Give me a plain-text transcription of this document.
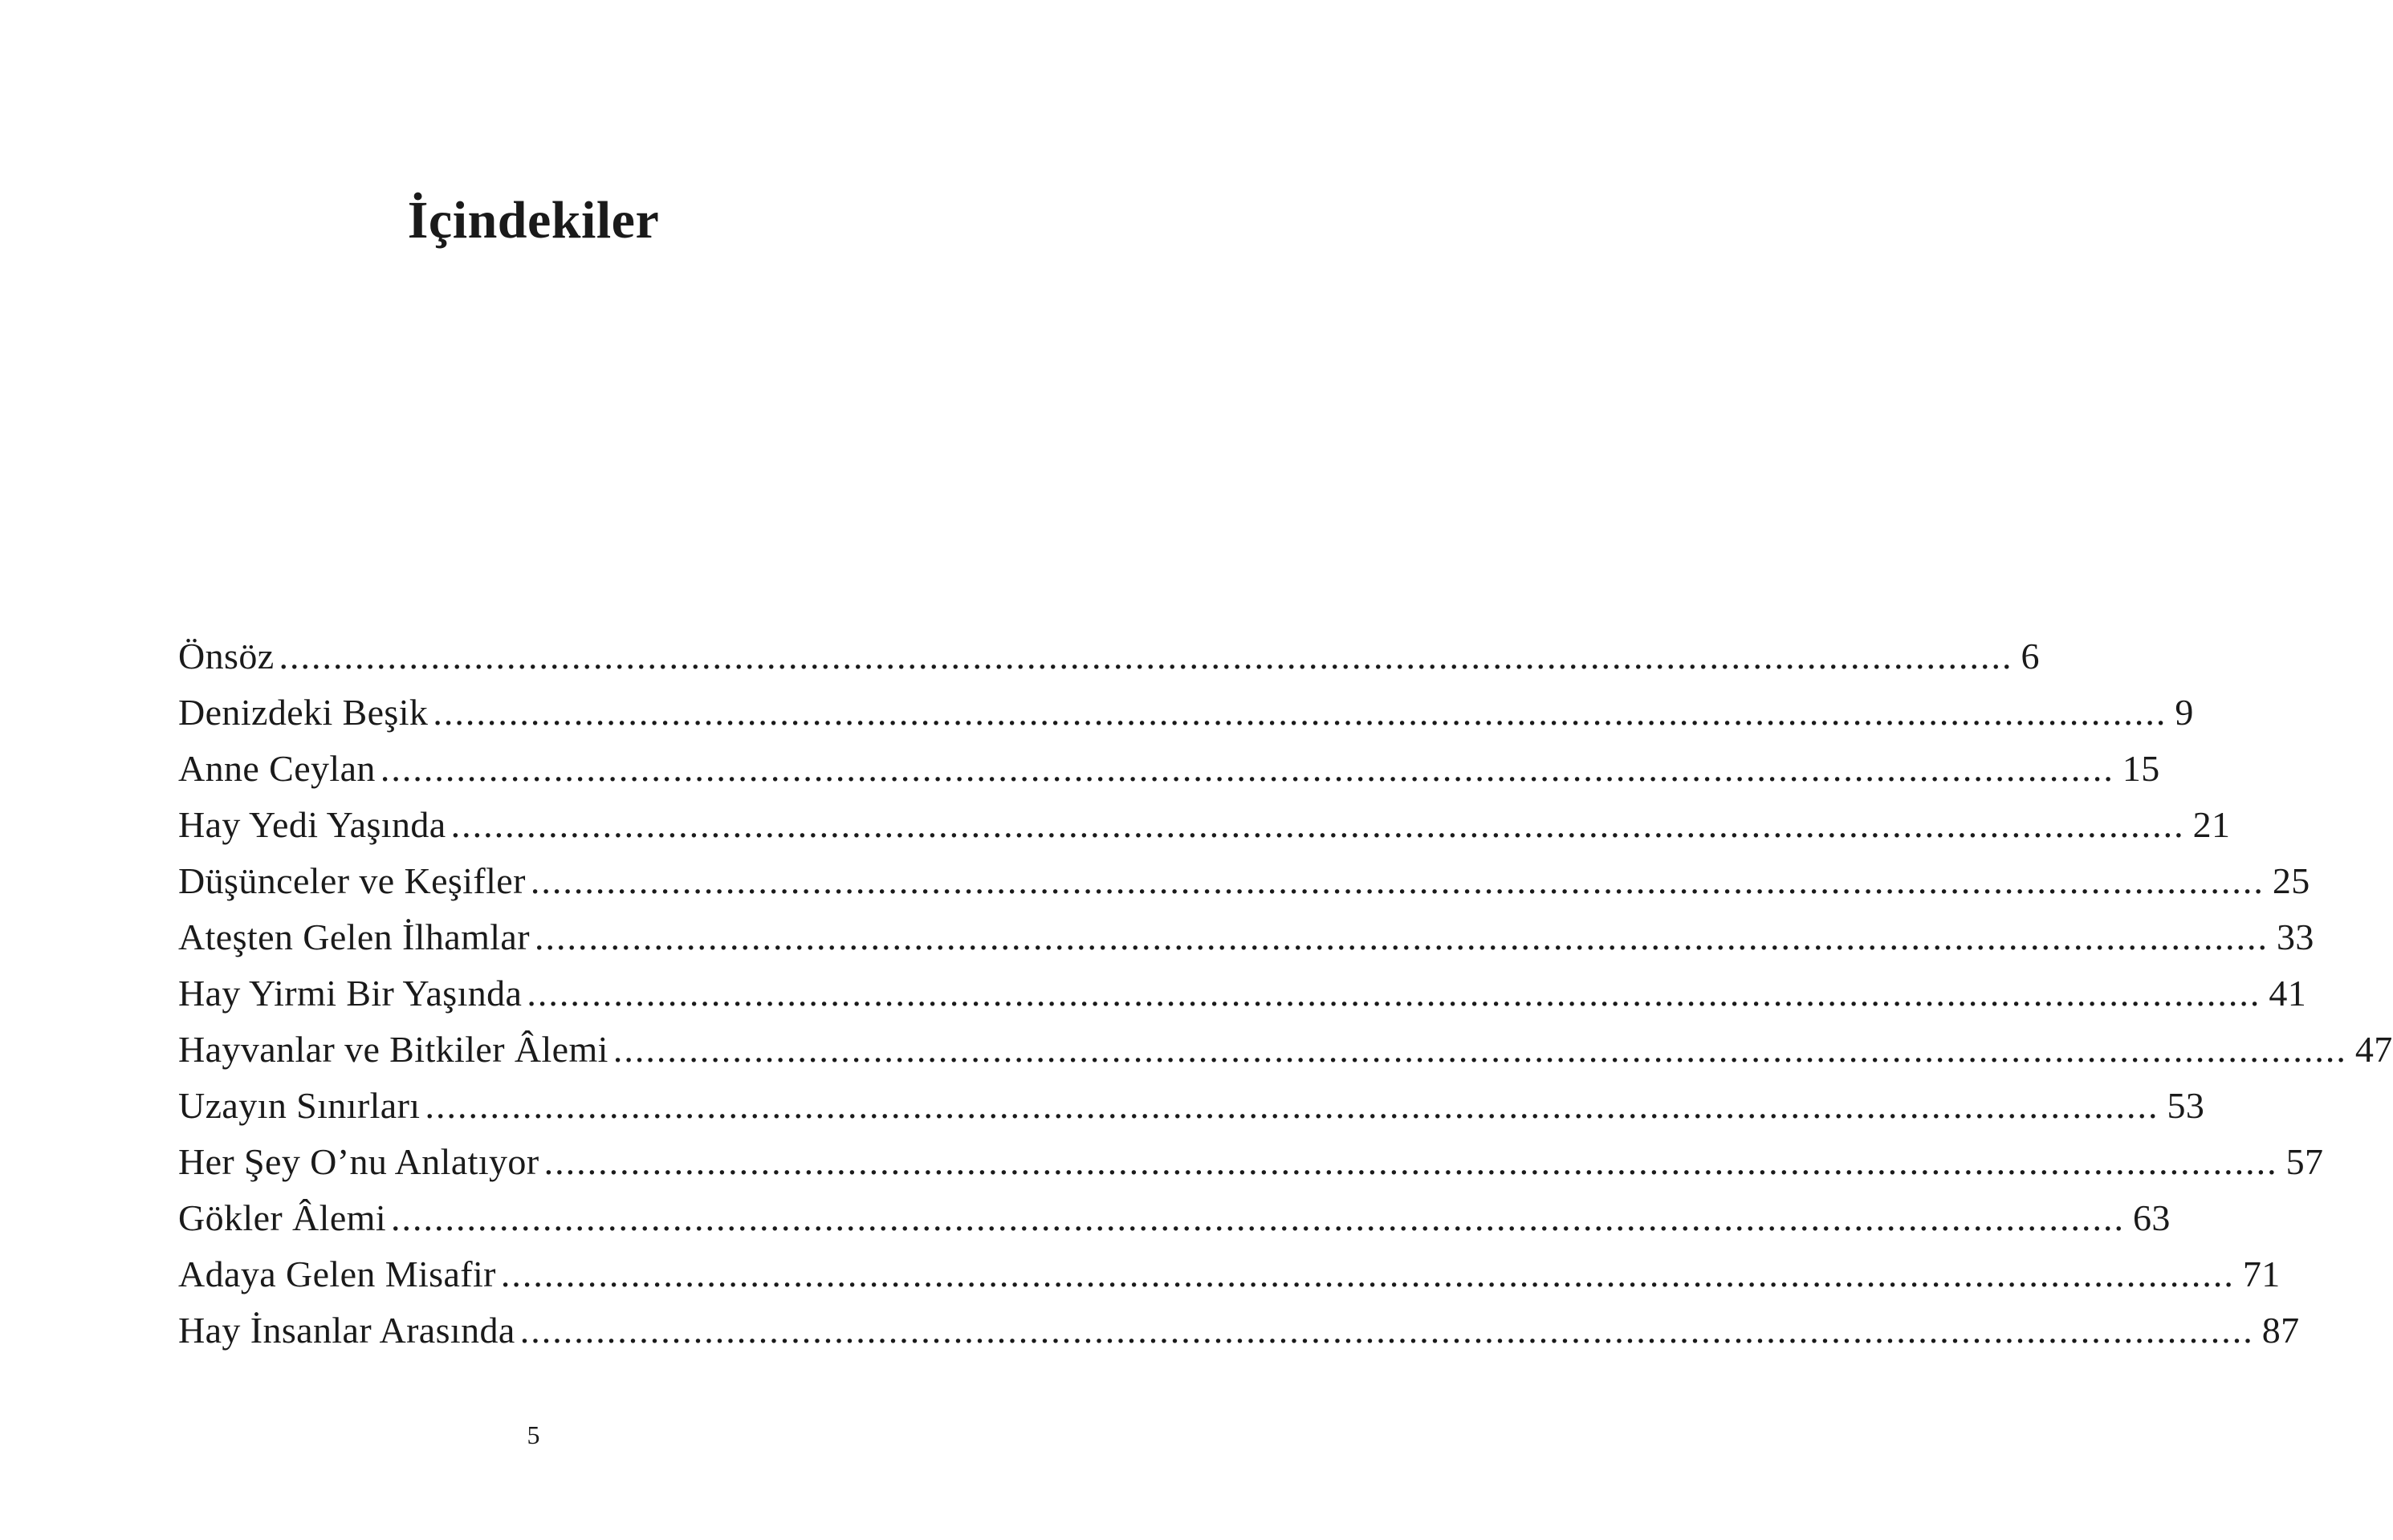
İçindekiler
Önsöz ................................................................................................................................................................ 6
Denizdeki Beşik ................................................................................................................................................................ 9
Anne Ceylan ................................................................................................................................................................ 15
Hay Yedi Yaşında ................................................................................................................................................................ 21
Düşünceler ve Keşifler ................................................................................................................................................................ 25
Ateşten Gelen İlhamlar ................................................................................................................................................................ 33
Hay Yirmi Bir Yaşında ................................................................................................................................................................ 41
Hayvanlar ve Bitkiler Âlemi ................................................................................................................................................................ 47
Uzayın Sınırları ................................................................................................................................................................ 53
Her Şey O’nu Anlatıyor ................................................................................................................................................................ 57
Gökler Âlemi ................................................................................................................................................................ 63
Adaya Gelen Misafir ................................................................................................................................................................ 71
Hay İnsanlar Arasında ................................................................................................................................................................ 87
5
